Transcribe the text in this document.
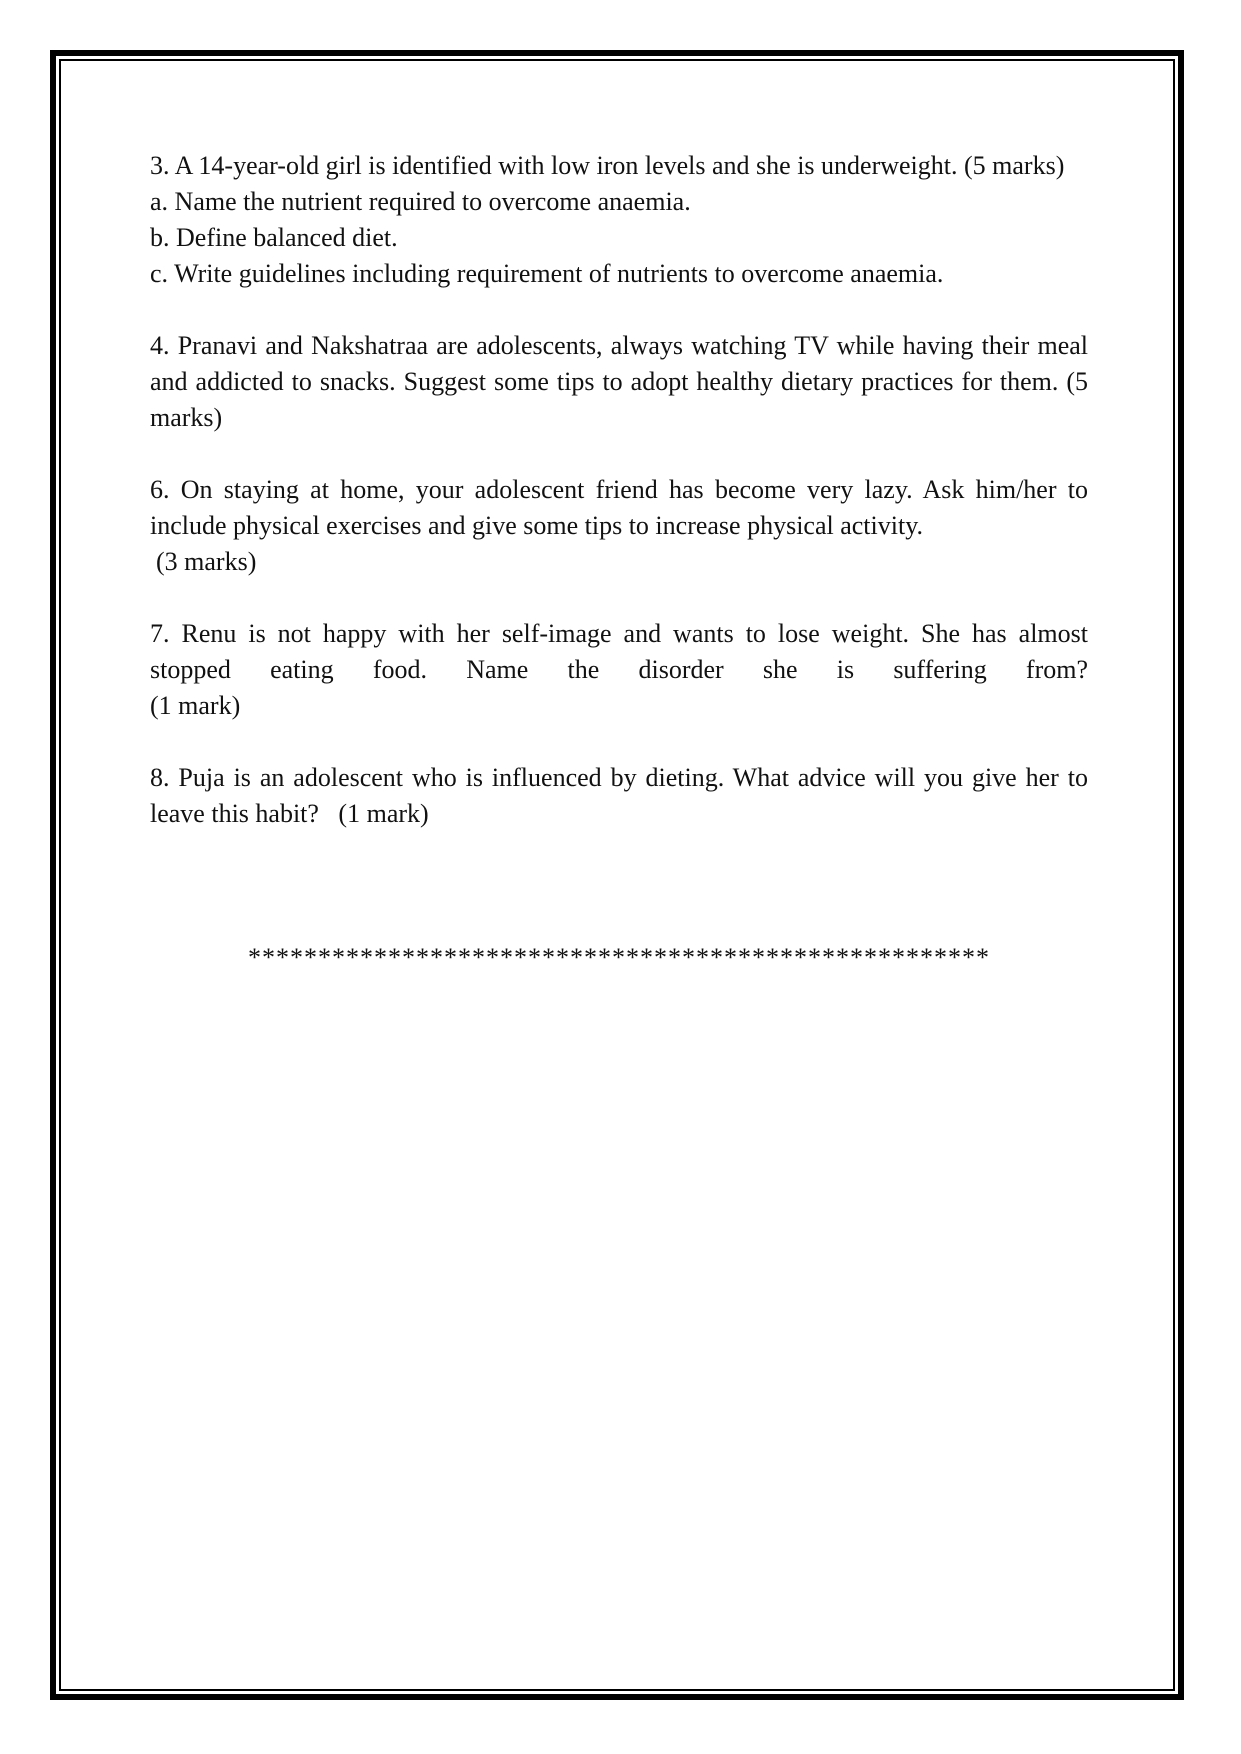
3. A 14-year-old girl is identified with low iron levels and she is underweight. (5 marks)

a. Name the nutrient required to overcome anaemia.

b. Define balanced diet.

c. Write guidelines including requirement of nutrients to overcome anaemia.

4. Pranavi and Nakshatraa are adolescents, always watching TV while having their meal and addicted to snacks. Suggest some tips to adopt healthy dietary practices for them. (5 marks)

6. On staying at home, your adolescent friend has become very lazy. Ask him/her to include physical exercises and give some tips to increase physical activity.

(3 marks)

7. Renu is not happy with her self-image and wants to lose weight. She has almost

stopped eating food. Name the disorder she is suffering from?

(1 mark)

8. Puja is an adolescent who is influenced by dieting. What advice will you give her to leave this habit?   (1 mark)

*****************************************************
